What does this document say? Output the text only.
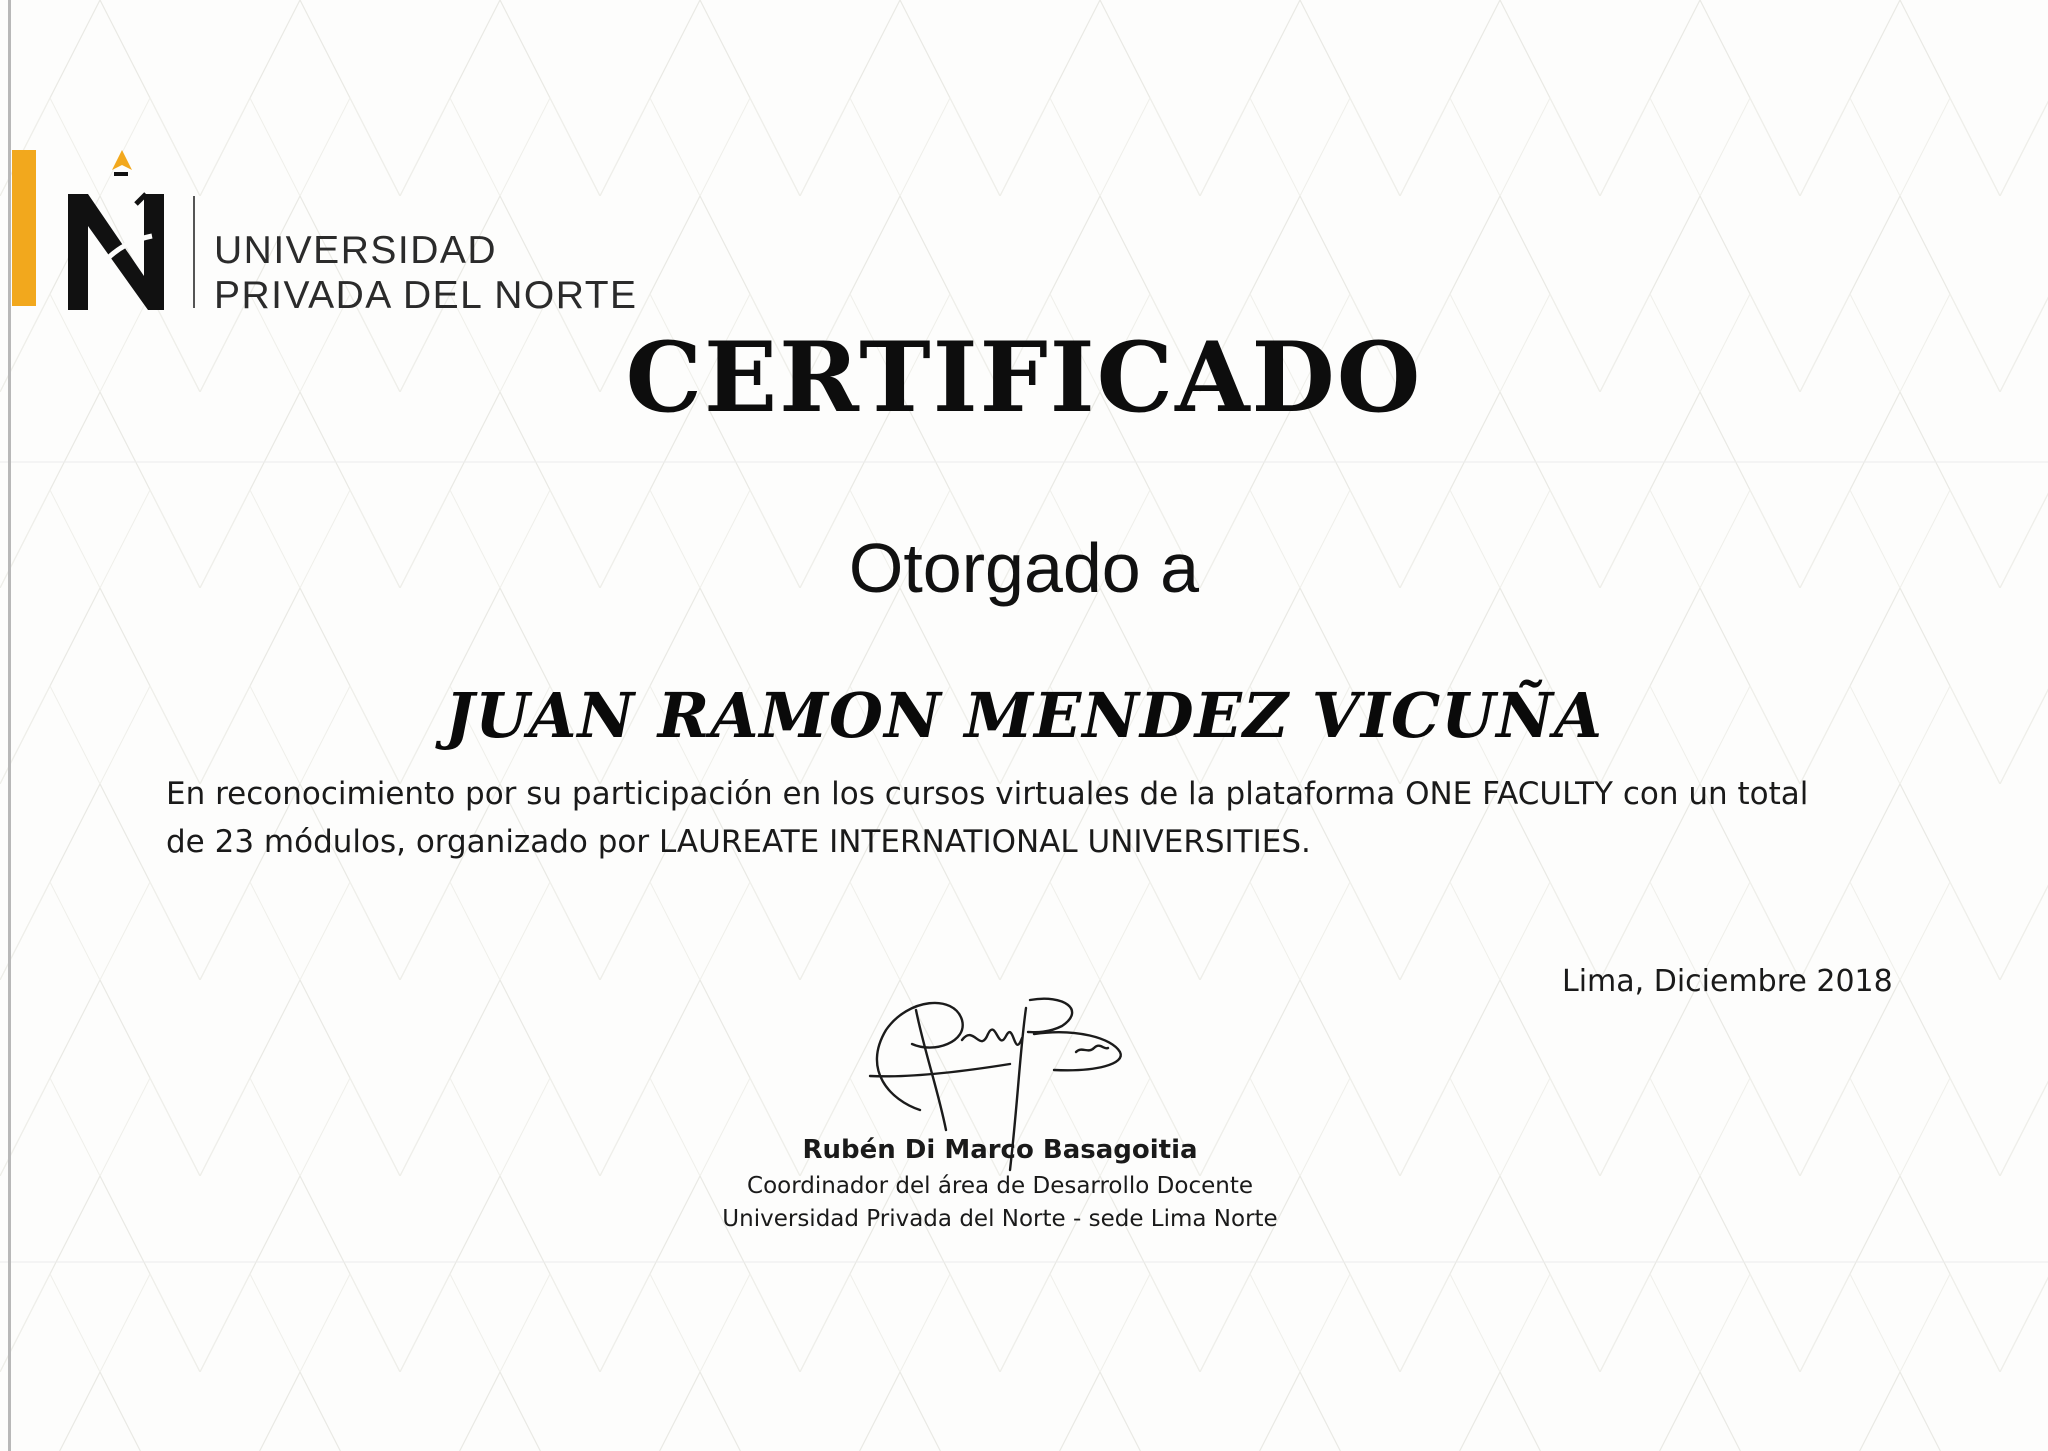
UNIVERSIDAD
PRIVADA DEL NORTE
CERTIFICADO
Otorgado a
JUAN RAMON MENDEZ VICUÑA
En reconocimiento por su participación en los cursos virtuales de la plataforma ONE FACULTY con un total
de 23 módulos, organizado por LAUREATE INTERNATIONAL UNIVERSITIES.
Lima, Diciembre 2018
Rubén Di Marco Basagoitia
Coordinador del área de Desarrollo Docente
Universidad Privada del Norte - sede Lima Norte
